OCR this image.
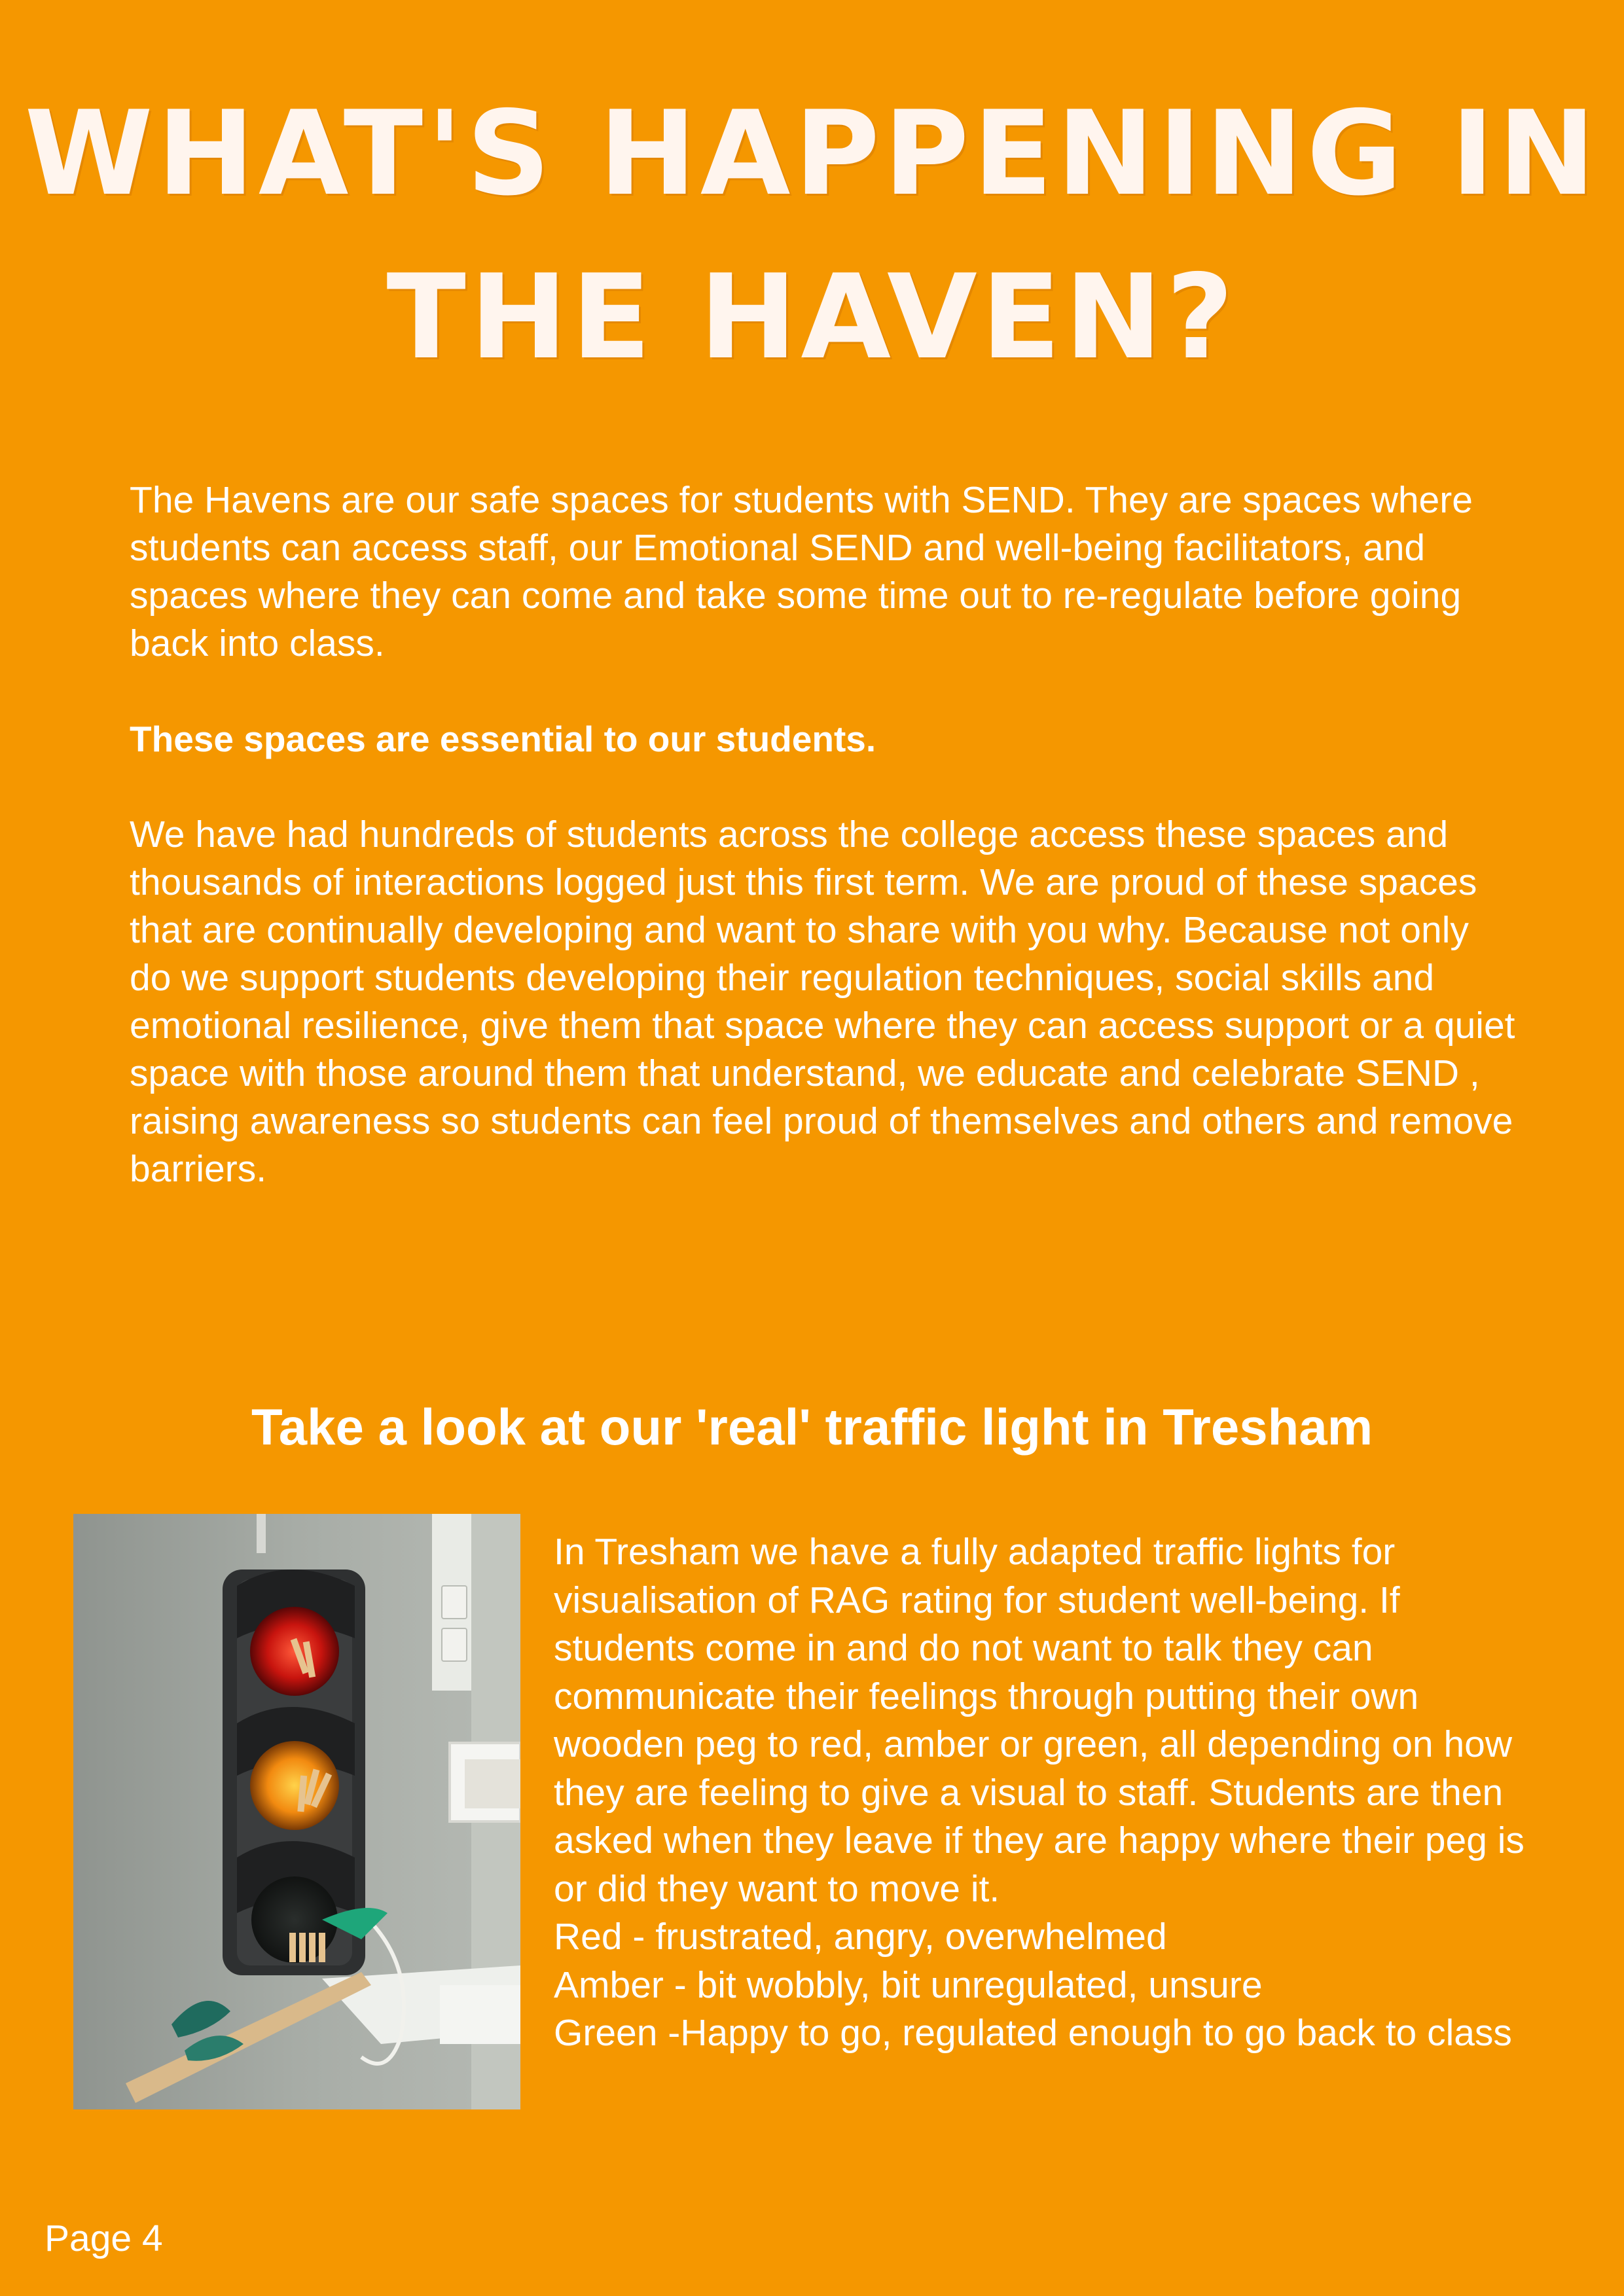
WHAT'S HAPPENING IN
THE HAVEN?

The Havens are our safe spaces for students with SEND. They are spaces where students can access staff, our Emotional SEND and well-being facilitators, and spaces where they can come and take some time out to re-regulate before going back into class.

These spaces are essential to our students.

We have had hundreds of students across the college access these spaces and thousands of interactions logged just this first term. We are proud of these spaces that are continually developing and want to share with you why. Because not only do we support students developing their regulation techniques, social skills and emotional resilience, give them that space where they can access support or a quiet space with those around them that understand, we educate and celebrate SEND , raising awareness so students can feel proud of themselves and others and remove barriers.

Take a look at our 'real' traffic light in Tresham

In Tresham we have a fully adapted traffic lights for visualisation of RAG rating for student well-being. If students come in and do not want to talk they can communicate their feelings through putting their own wooden peg to red, amber or green, all depending on how they are feeling to give a visual to staff. Students are then asked when they leave if they are happy where their peg is or did they want to move it.

Red - frustrated, angry, overwhelmed

Amber - bit wobbly, bit unregulated, unsure

Green -Happy to go, regulated enough to go back to class

Page 4
